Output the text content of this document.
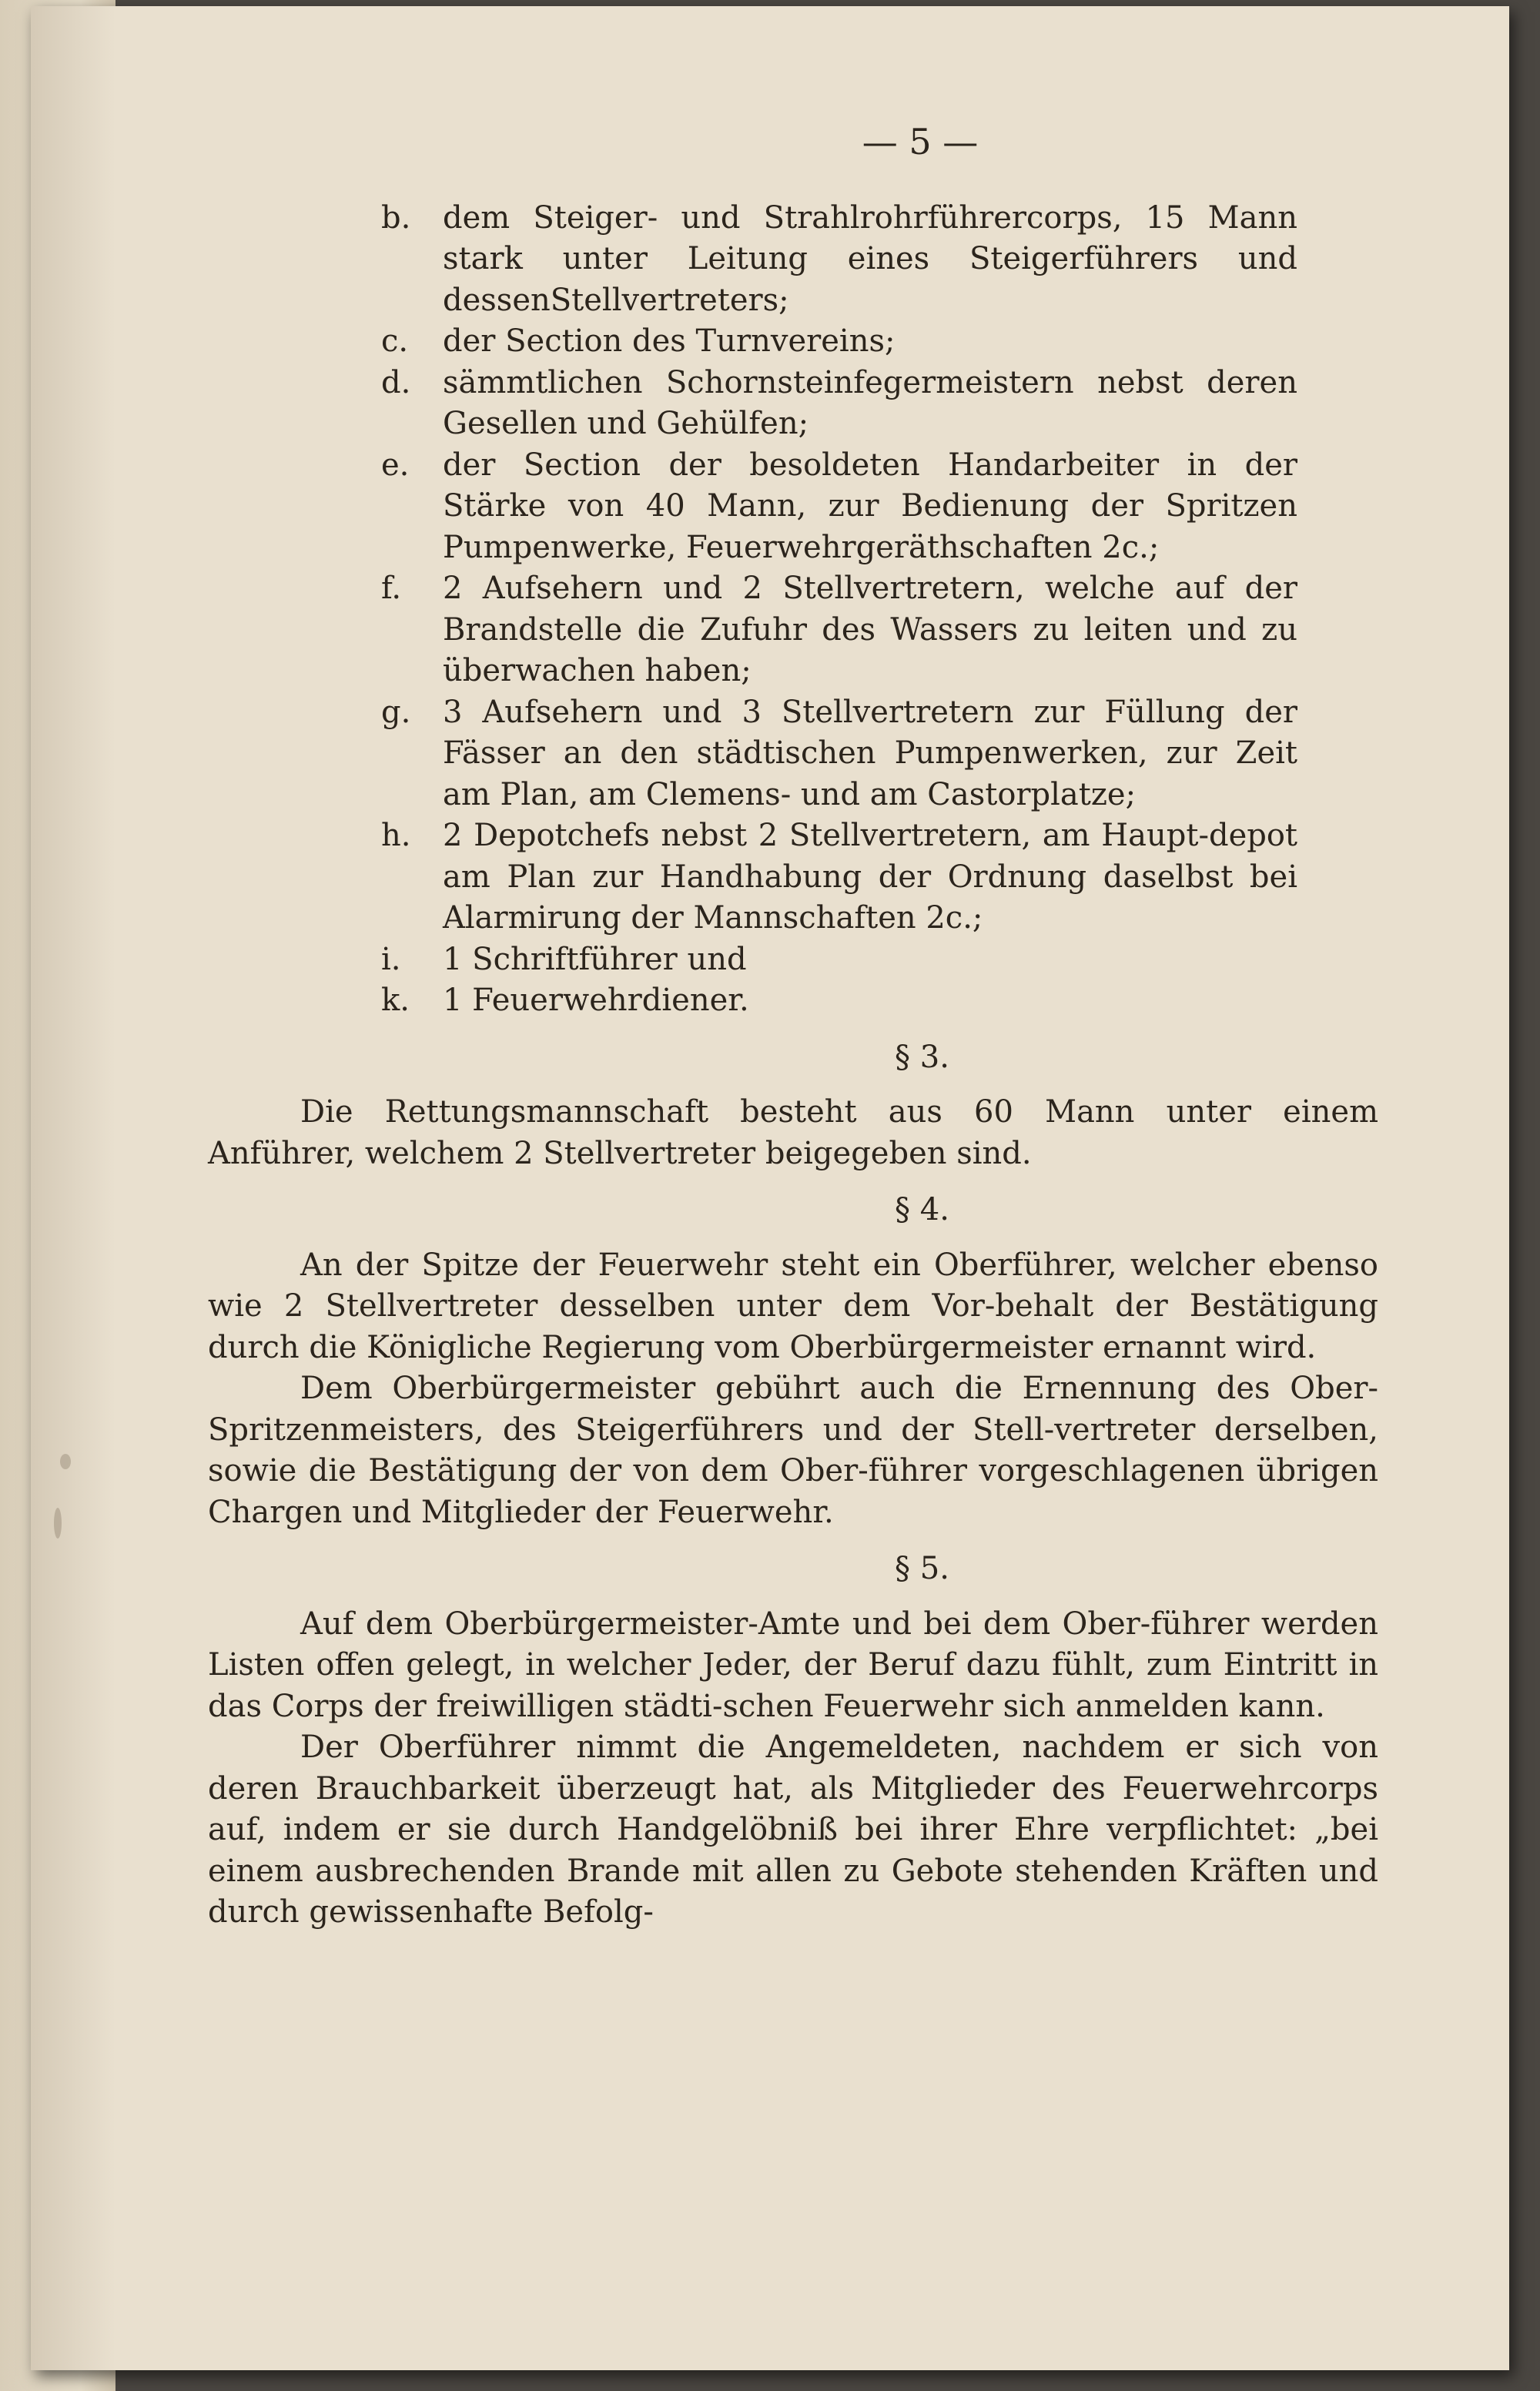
— 5 —
b. dem Steiger- und Strahlrohrführercorps, 15 Mann stark unter Leitung eines Steigerführers und dessenStellvertreters;
c. der Section des Turnvereins;
d. sämmtlichen Schornsteinfegermeistern nebst deren Gesellen und Gehülfen;
e. der Section der besoldeten Handarbeiter in der Stärke von 40 Mann, zur Bedienung der Spritzen Pumpenwerke, Feuerwehrgeräthschaften 2c.;
f. 2 Aufsehern und 2 Stellvertretern, welche auf der Brandstelle die Zufuhr des Wassers zu leiten und zu überwachen haben;
g. 3 Aufsehern und 3 Stellvertretern zur Füllung der Fässer an den städtischen Pumpenwerken, zur Zeit am Plan, am Clemens- und am Castorplatze;
h. 2 Depotchefs nebst 2 Stellvertretern, am Haupt-depot am Plan zur Handhabung der Ordnung daselbst bei Alarmirung der Mannschaften 2c.;
i. 1 Schriftführer und
k. 1 Feuerwehrdiener.
§ 3.

Die Rettungsmannschaft besteht aus 60 Mann unter einem Anführer, welchem 2 Stellvertreter beigegeben sind.

§ 4.

An der Spitze der Feuerwehr steht ein Oberführer, welcher ebenso wie 2 Stellvertreter desselben unter dem Vor-behalt der Bestätigung durch die Königliche Regierung vom Oberbürgermeister ernannt wird.

Dem Oberbürgermeister gebührt auch die Ernennung des Ober-Spritzenmeisters, des Steigerführers und der Stell-vertreter derselben, sowie die Bestätigung der von dem Ober-führer vorgeschlagenen übrigen Chargen und Mitglieder der Feuerwehr.

§ 5.

Auf dem Oberbürgermeister-Amte und bei dem Ober-führer werden Listen offen gelegt, in welcher Jeder, der Beruf dazu fühlt, zum Eintritt in das Corps der freiwilligen städti-schen Feuerwehr sich anmelden kann.

Der Oberführer nimmt die Angemeldeten, nachdem er sich von deren Brauchbarkeit überzeugt hat, als Mitglieder des Feuerwehrcorps auf, indem er sie durch Handgelöbniß bei ihrer Ehre verpflichtet: „bei einem ausbrechenden Brande mit allen zu Gebote stehenden Kräften und durch gewissenhafte Befolg-
